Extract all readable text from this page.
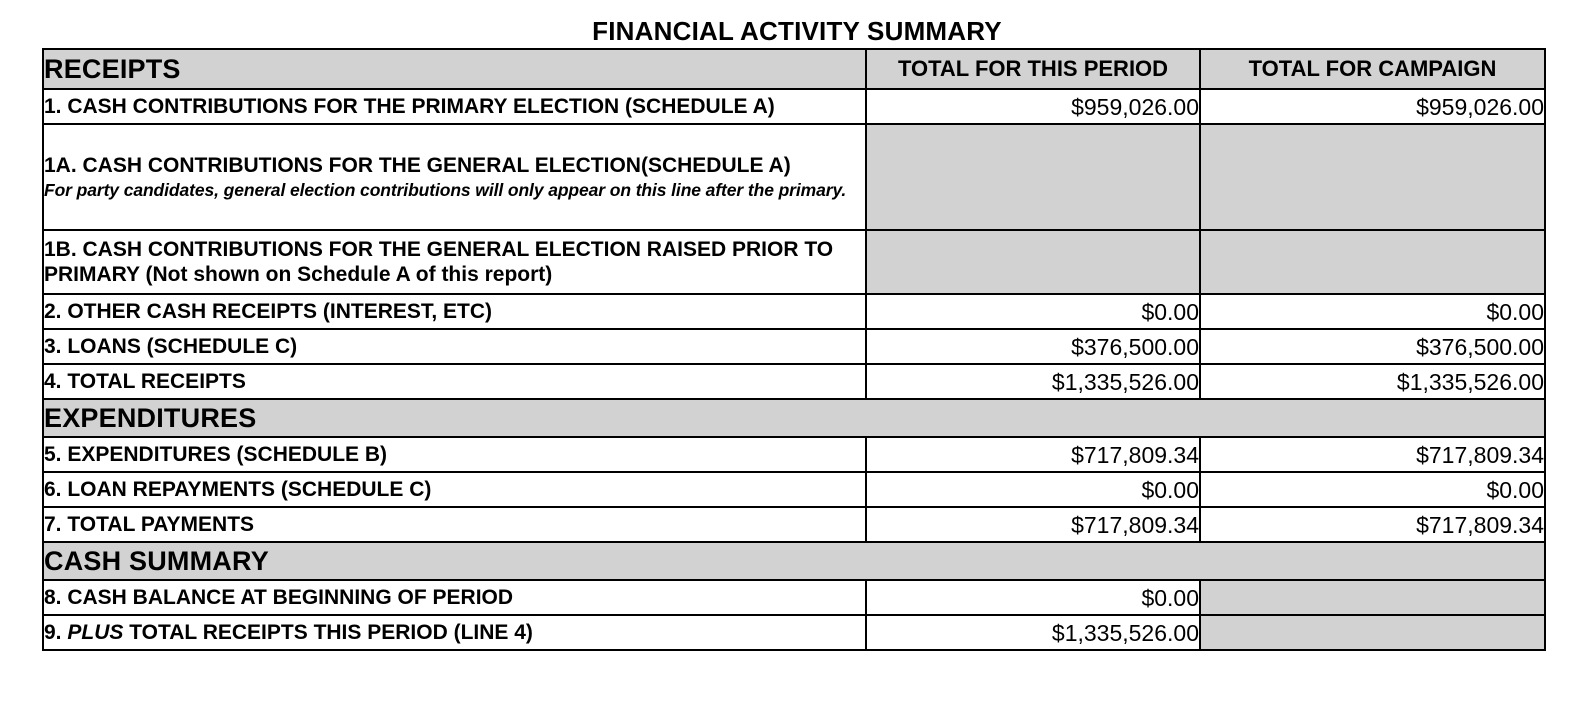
FINANCIAL ACTIVITY SUMMARY
RECEIPTS	TOTAL FOR THIS PERIOD	TOTAL FOR CAMPAIGN
1. CASH CONTRIBUTIONS FOR THE PRIMARY ELECTION (SCHEDULE A)	$959,026.00	$959,026.00
1A. CASH CONTRIBUTIONS FOR THE GENERAL ELECTION(SCHEDULE A)
For party candidates, general election contributions will only appear on this line after the primary.		

1B. CASH CONTRIBUTIONS FOR THE GENERAL ELECTION RAISED PRIOR TO PRIMARY (Not shown on Schedule A of this report)		
2. OTHER CASH RECEIPTS (INTEREST, ETC)	$0.00	$0.00
3. LOANS (SCHEDULE C)	$376,500.00	$376,500.00
4. TOTAL RECEIPTS	$1,335,526.00	$1,335,526.00
EXPENDITURES		
5. EXPENDITURES (SCHEDULE B)	$717,809.34	$717,809.34
6. LOAN REPAYMENTS (SCHEDULE C)	$0.00	$0.00
7. TOTAL PAYMENTS	$717,809.34	$717,809.34
CASH SUMMARY		
8. CASH BALANCE AT BEGINNING OF PERIOD	$0.00	
9. PLUS TOTAL RECEIPTS THIS PERIOD (LINE 4)	$1,335,526.00	
